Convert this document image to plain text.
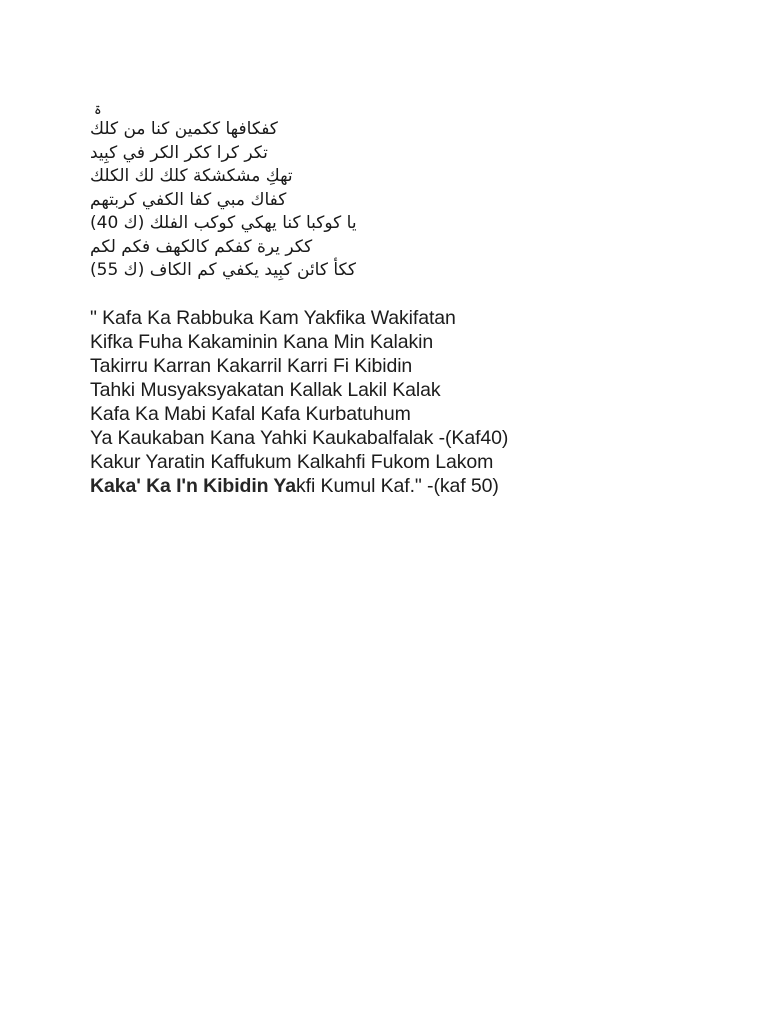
ۃ
كفكافها ككمين كنا من كلك
تكر كرا ككر الكر في كبِيد
تهكِ مشكشكة كلك لك الكلك
كفاك مبي كفا الكفي كربتهم
يا كوكبا كنا يهكي كوكب الفلك (ك 40)
ككر يرة كفكم كالكهف فكم لكم
ككأ كائن كبِيد يكفي كم الكاف (ك 55)
" Kafa Ka Rabbuka Kam Yakfika Wakifatan
Kifka Fuha Kakaminin Kana Min Kalakin
Takirru Karran Kakarril Karri Fi Kibidin
Tahki Musyaksyakatan Kallak Lakil Kalak
Kafa Ka Mabi Kafal Kafa Kurbatuhum
Ya Kaukaban Kana Yahki Kaukabalfalak -(Kaf40)
Kakur Yaratin Kaffukum Kalkahfi Fukom Lakom
Kaka' Ka I'n Kibidin Yakfi Kumul Kaf." -(kaf 50)
